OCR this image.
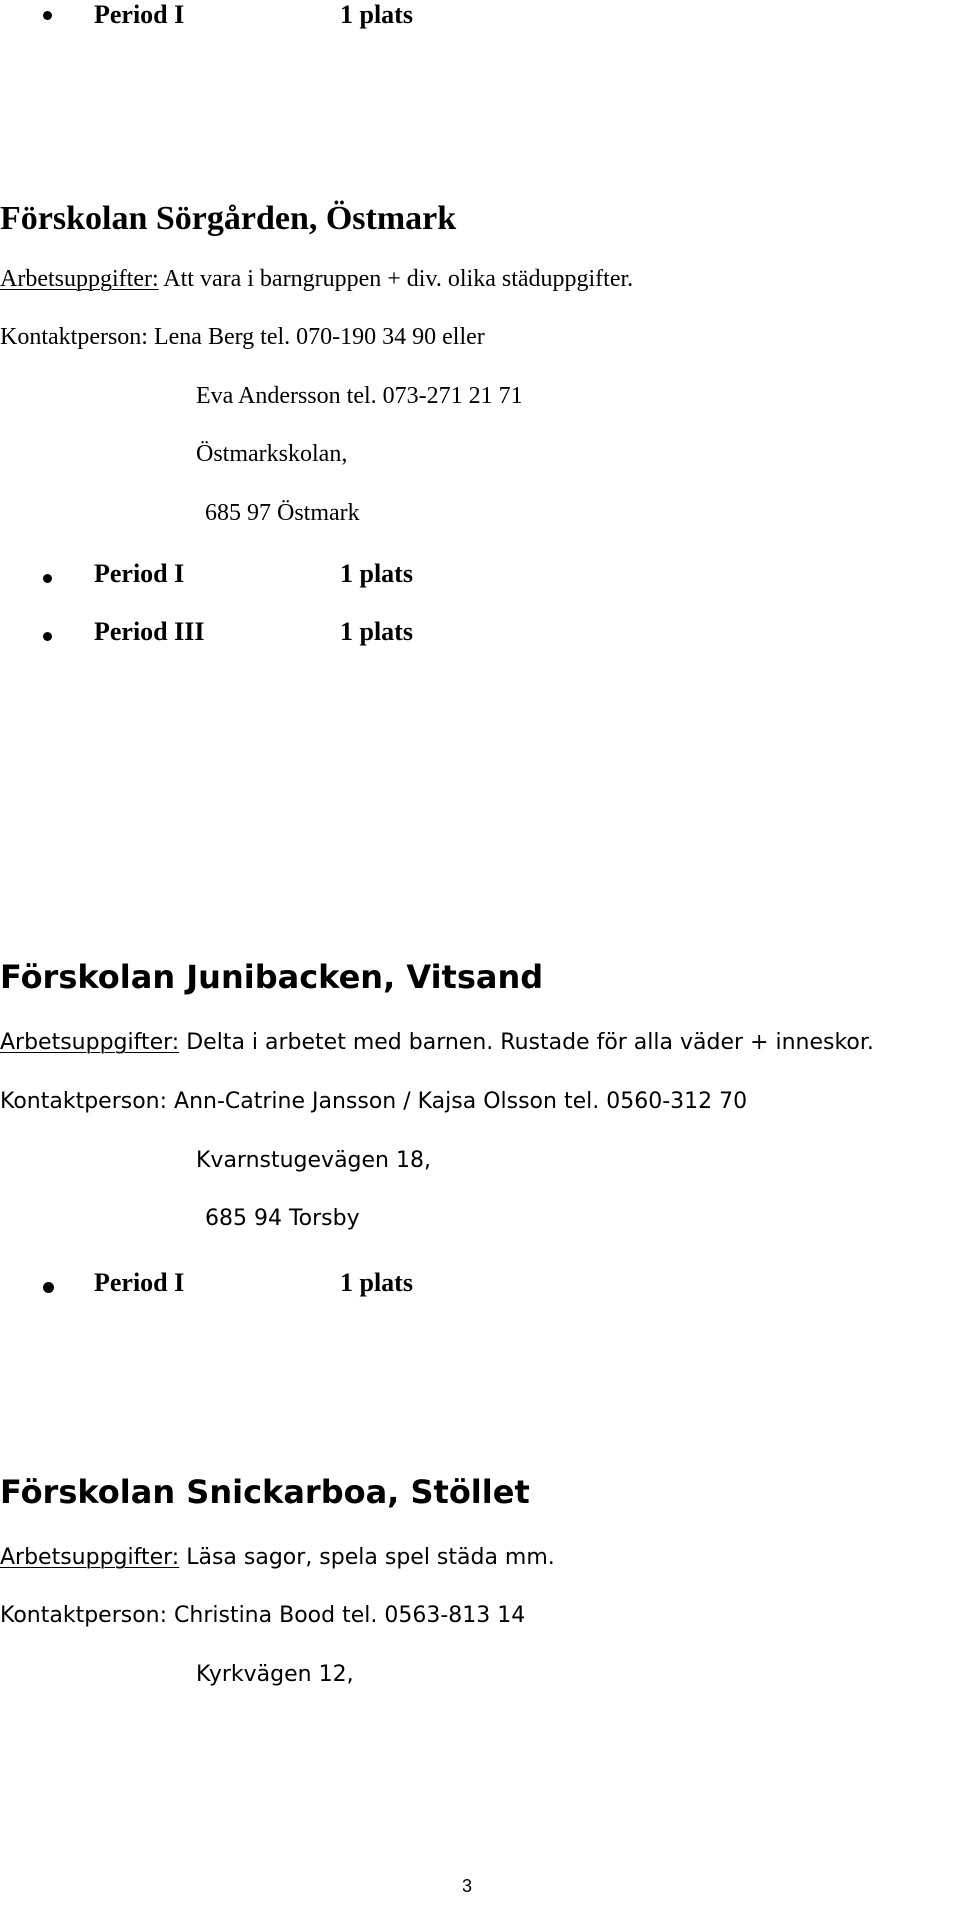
Period I	1 plats
Förskolan Sörgården, Östmark
Arbetsuppgifter: Att vara i barngruppen + div. olika städuppgifter.
Kontaktperson: Lena Berg tel. 070-190 34 90 eller
Eva Andersson tel. 073-271 21 71
Östmarkskolan,
685 97 Östmark
Period I	1 plats
Period III	1 plats
Förskolan Junibacken, Vitsand
Arbetsuppgifter: Delta i arbetet med barnen. Rustade för alla väder + inneskor.
Kontaktperson: Ann-Catrine Jansson / Kajsa Olsson tel. 0560-312 70
Kvarnstugevägen 18,
685 94 Torsby
Period I	1 plats
Förskolan Snickarboa, Stöllet
Arbetsuppgifter: Läsa sagor, spela spel städa mm.
Kontaktperson: Christina Bood tel. 0563-813 14
Kyrkvägen 12,
3
